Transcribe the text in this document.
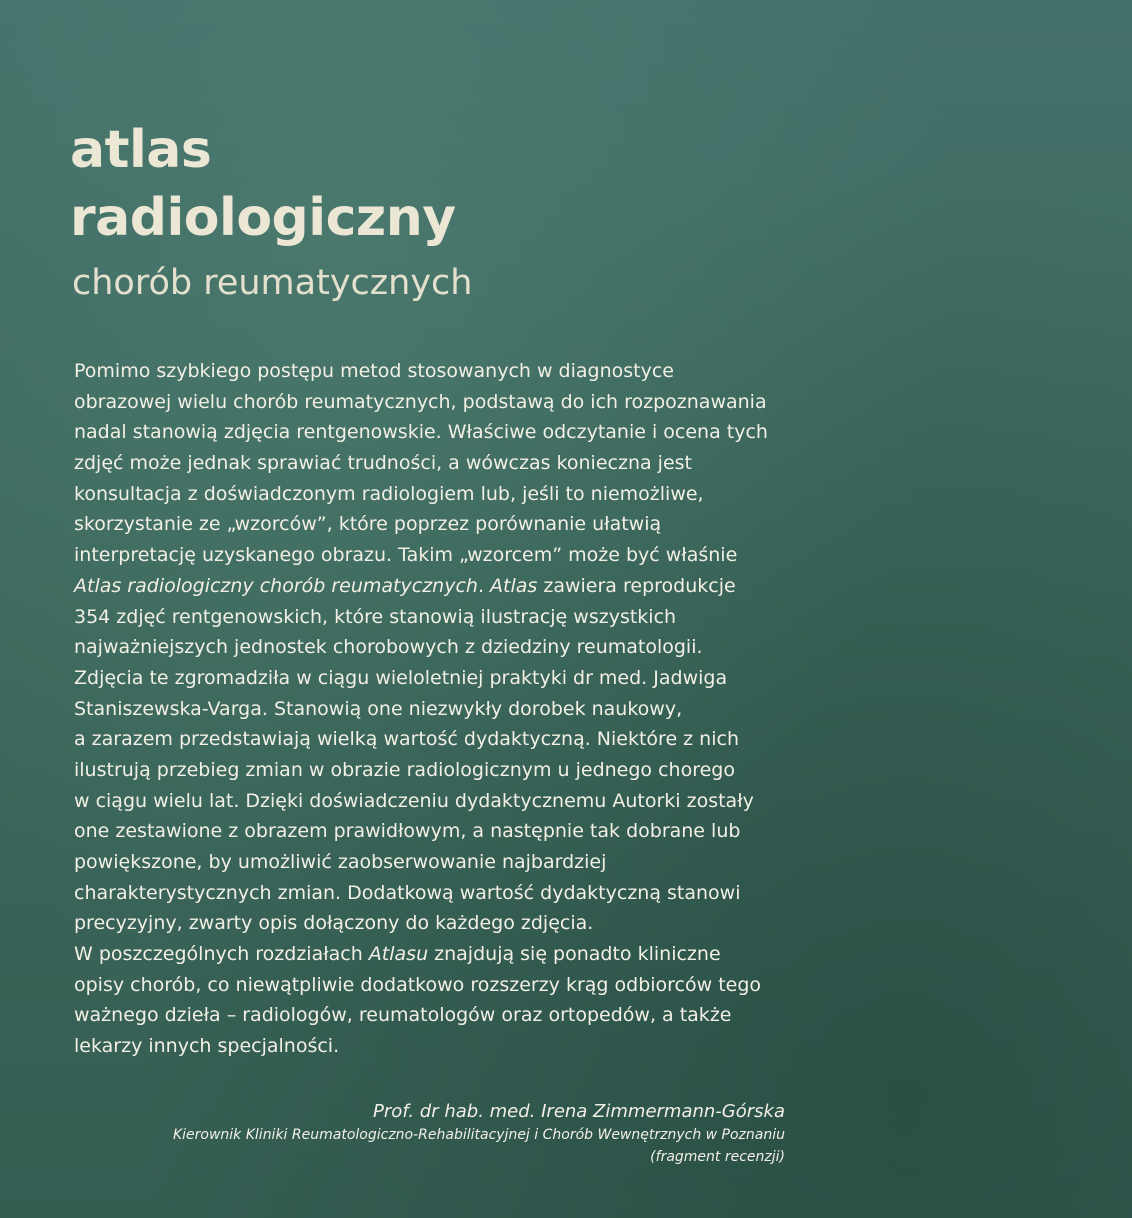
atlas
radiologiczny
chorób reumatycznych
Pomimo szybkiego postępu metod stosowanych w diagnostyce
obrazowej wielu chorób reumatycznych, podstawą do ich rozpoznawania
nadal stanowią zdjęcia rentgenowskie. Właściwe odczytanie i ocena tych
zdjęć może jednak sprawiać trudności, a wówczas konieczna jest
konsultacja z doświadczonym radiologiem lub, jeśli to niemożliwe,
skorzystanie ze „wzorców”, które poprzez porównanie ułatwią
interpretację uzyskanego obrazu. Takim „wzorcem” może być właśnie
Atlas radiologiczny chorób reumatycznych. Atlas zawiera reprodukcje
354 zdjęć rentgenowskich, które stanowią ilustrację wszystkich
najważniejszych jednostek chorobowych z dziedziny reumatologii.
Zdjęcia te zgromadziła w ciągu wieloletniej praktyki dr med. Jadwiga
Staniszewska-Varga. Stanowią one niezwykły dorobek naukowy,
a zarazem przedstawiają wielką wartość dydaktyczną. Niektóre z nich
ilustrują przebieg zmian w obrazie radiologicznym u jednego chorego
w ciągu wielu lat. Dzięki doświadczeniu dydaktycznemu Autorki zostały
one zestawione z obrazem prawidłowym, a następnie tak dobrane lub
powiększone, by umożliwić zaobserwowanie najbardziej
charakterystycznych zmian. Dodatkową wartość dydaktyczną stanowi
precyzyjny, zwarty opis dołączony do każdego zdjęcia.
W poszczególnych rozdziałach Atlasu znajdują się ponadto kliniczne
opisy chorób, co niewątpliwie dodatkowo rozszerzy krąg odbiorców tego
ważnego dzieła – radiologów, reumatologów oraz ortopedów, a także
lekarzy innych specjalności.
Prof. dr hab. med. Irena Zimmermann-Górska
Kierownik Kliniki Reumatologiczno-Rehabilitacyjnej i Chorób Wewnętrznych w Poznaniu
(fragment recenzji)
